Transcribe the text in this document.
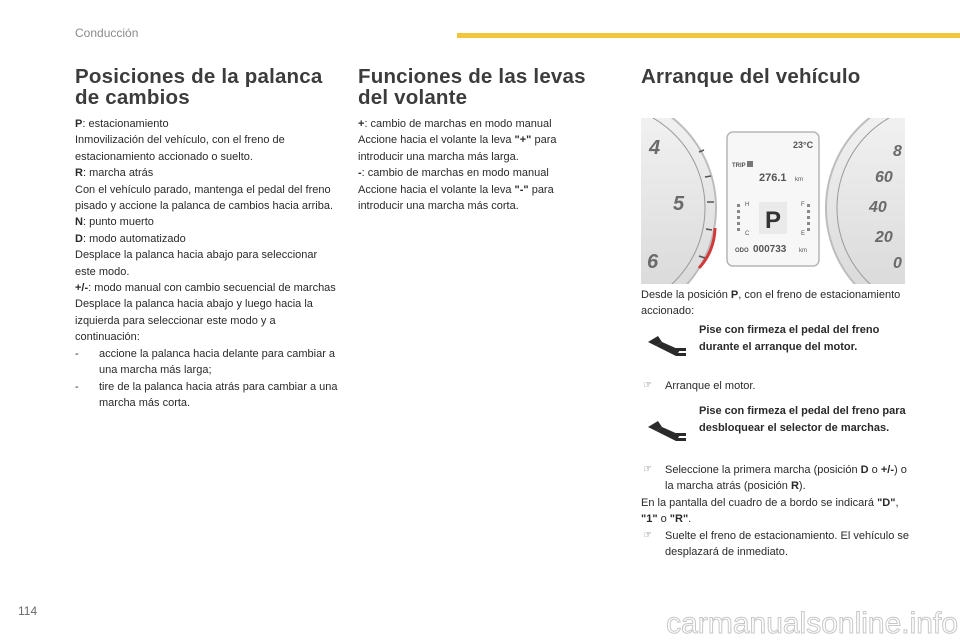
Conducción
Posiciones de la palanca de cambios

P: estacionamiento

Inmovilización del vehículo, con el freno de estacionamiento accionado o suelto.

R: marcha atrás

Con el vehículo parado, mantenga el pedal del freno pisado y accione la palanca de cambios hacia arriba.

N: punto muerto

D: modo automatizado

Desplace la palanca hacia abajo para seleccionar este modo.

+/-: modo manual con cambio secuencial de marchas

Desplace la palanca hacia abajo y luego hacia la izquierda para seleccionar este modo y a continuación:

- accione la palanca hacia delante para cambiar a una marcha más larga;

- tire de la palanca hacia atrás para cambiar a una marcha más corta.

Funciones de las levas del volante

+: cambio de marchas en modo manual

Accione hacia el volante la leva "+" para introducir una marcha más larga.

-: cambio de marchas en modo manual

Accione hacia el volante la leva "-" para introducir una marcha más corta.

Arranque del vehículo
4
5
6
23°C
TRIP
276.1 km
H
C
F
E
P
ODO 000733 km
8
60
40
20
0

Desde la posición P, con el freno de estacionamiento accionado:

Pise con firmeza el pedal del freno durante el arranque del motor.

☞ Arranque el motor.

Pise con firmeza el pedal del freno para desbloquear el selector de marchas.

☞ Seleccione la primera marcha (posición D o +/-) o la marcha atrás (posición R).

En la pantalla del cuadro de a bordo se indicará "D", "1" o "R".

☞ Suelte el freno de estacionamiento. El vehículo se desplazará de inmediato.

114	carmanualsonline.info
